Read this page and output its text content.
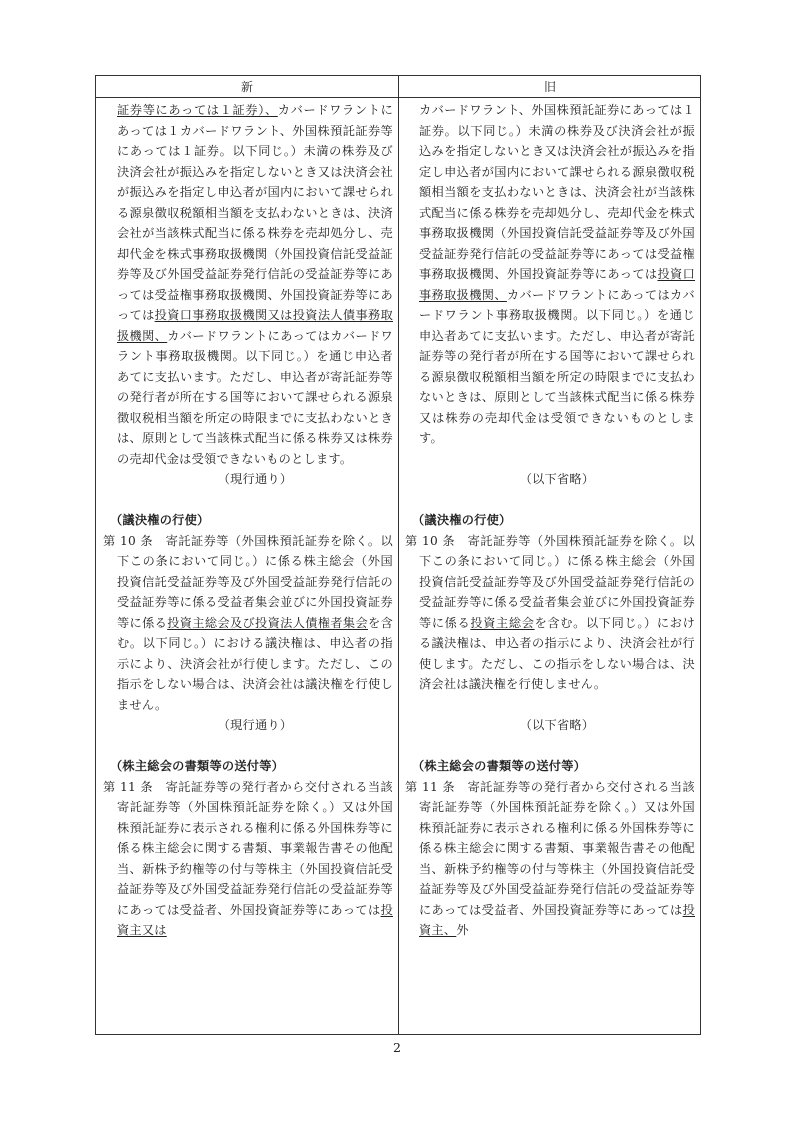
新	旧

証券等にあっては１証券）、カバードワラントにあっては１カバードワラント、外国株預託証券等にあっては１証券。以下同じ。）未満の株券及び決済会社が振込みを指定しないとき又は決済会社が振込みを指定し申込者が国内において課せられる源泉徴収税額相当額を支払わないときは、決済会社が当該株式配当に係る株券を売却処分し、売却代金を株式事務取扱機関（外国投資信託受益証券等及び外国受益証券発行信託の受益証券等にあっては受益権事務取扱機関、外国投資証券等にあっては投資口事務取扱機関又は投資法人債事務取扱機関、カバードワラントにあってはカバードワラント事務取扱機関。以下同じ。）を通じ申込者あてに支払います。ただし、申込者が寄託証券等の発行者が所在する国等において課せられる源泉徴収税相当額を所定の時限までに支払わないときは、原則として当該株式配当に係る株券又は株券の売却代金は受領できないものとします。

（現行通り）

（議決権の行使）

第 10 条　寄託証券等（外国株預託証券を除く。以下この条において同じ。）に係る株主総会（外国投資信託受益証券等及び外国受益証券発行信託の受益証券等に係る受益者集会並びに外国投資証券等に係る投資主総会及び投資法人債権者集会を含む。以下同じ。）における議決権は、申込者の指示により、決済会社が行使します。ただし、この指示をしない場合は、決済会社は議決権を行使しません。

（現行通り）

（株主総会の書類等の送付等）

第 11 条　寄託証券等の発行者から交付される当該寄託証券等（外国株預託証券を除く。）又は外国株預託証券に表示される権利に係る外国株券等に係る株主総会に関する書類、事業報告書その他配当、新株予約権等の付与等株主（外国投資信託受益証券等及び外国受益証券発行信託の受益証券等にあっては受益者、外国投資証券等にあっては投資主又は

カバードワラント、外国株預託証券にあっては１証券。以下同じ。）未満の株券及び決済会社が振込みを指定しないとき又は決済会社が振込みを指定し申込者が国内において課せられる源泉徴収税額相当額を支払わないときは、決済会社が当該株式配当に係る株券を売却処分し、売却代金を株式事務取扱機関（外国投資信託受益証券等及び外国受益証券発行信託の受益証券等にあっては受益権事務取扱機関、外国投資証券等にあっては投資口事務取扱機関、カバードワラントにあってはカバードワラント事務取扱機関。以下同じ。）を通じ申込者あてに支払います。ただし、申込者が寄託証券等の発行者が所在する国等において課せられる源泉徴収税額相当額を所定の時限までに支払わないときは、原則として当該株式配当に係る株券又は株券の売却代金は受領できないものとします。

（以下省略）

（議決権の行使）

第 10 条　寄託証券等（外国株預託証券を除く。以下この条において同じ。）に係る株主総会（外国投資信託受益証券等及び外国受益証券発行信託の受益証券等に係る受益者集会並びに外国投資証券等に係る投資主総会を含む。以下同じ。）における議決権は、申込者の指示により、決済会社が行使します。ただし、この指示をしない場合は、決済会社は議決権を行使しません。

（以下省略）

（株主総会の書類等の送付等）

第 11 条　寄託証券等の発行者から交付される当該寄託証券等（外国株預託証券を除く。）又は外国株預託証券に表示される権利に係る外国株券等に係る株主総会に関する書類、事業報告書その他配当、新株予約権等の付与等株主（外国投資信託受益証券等及び外国受益証券発行信託の受益証券等にあっては受益者、外国投資証券等にあっては投資主、外

2
